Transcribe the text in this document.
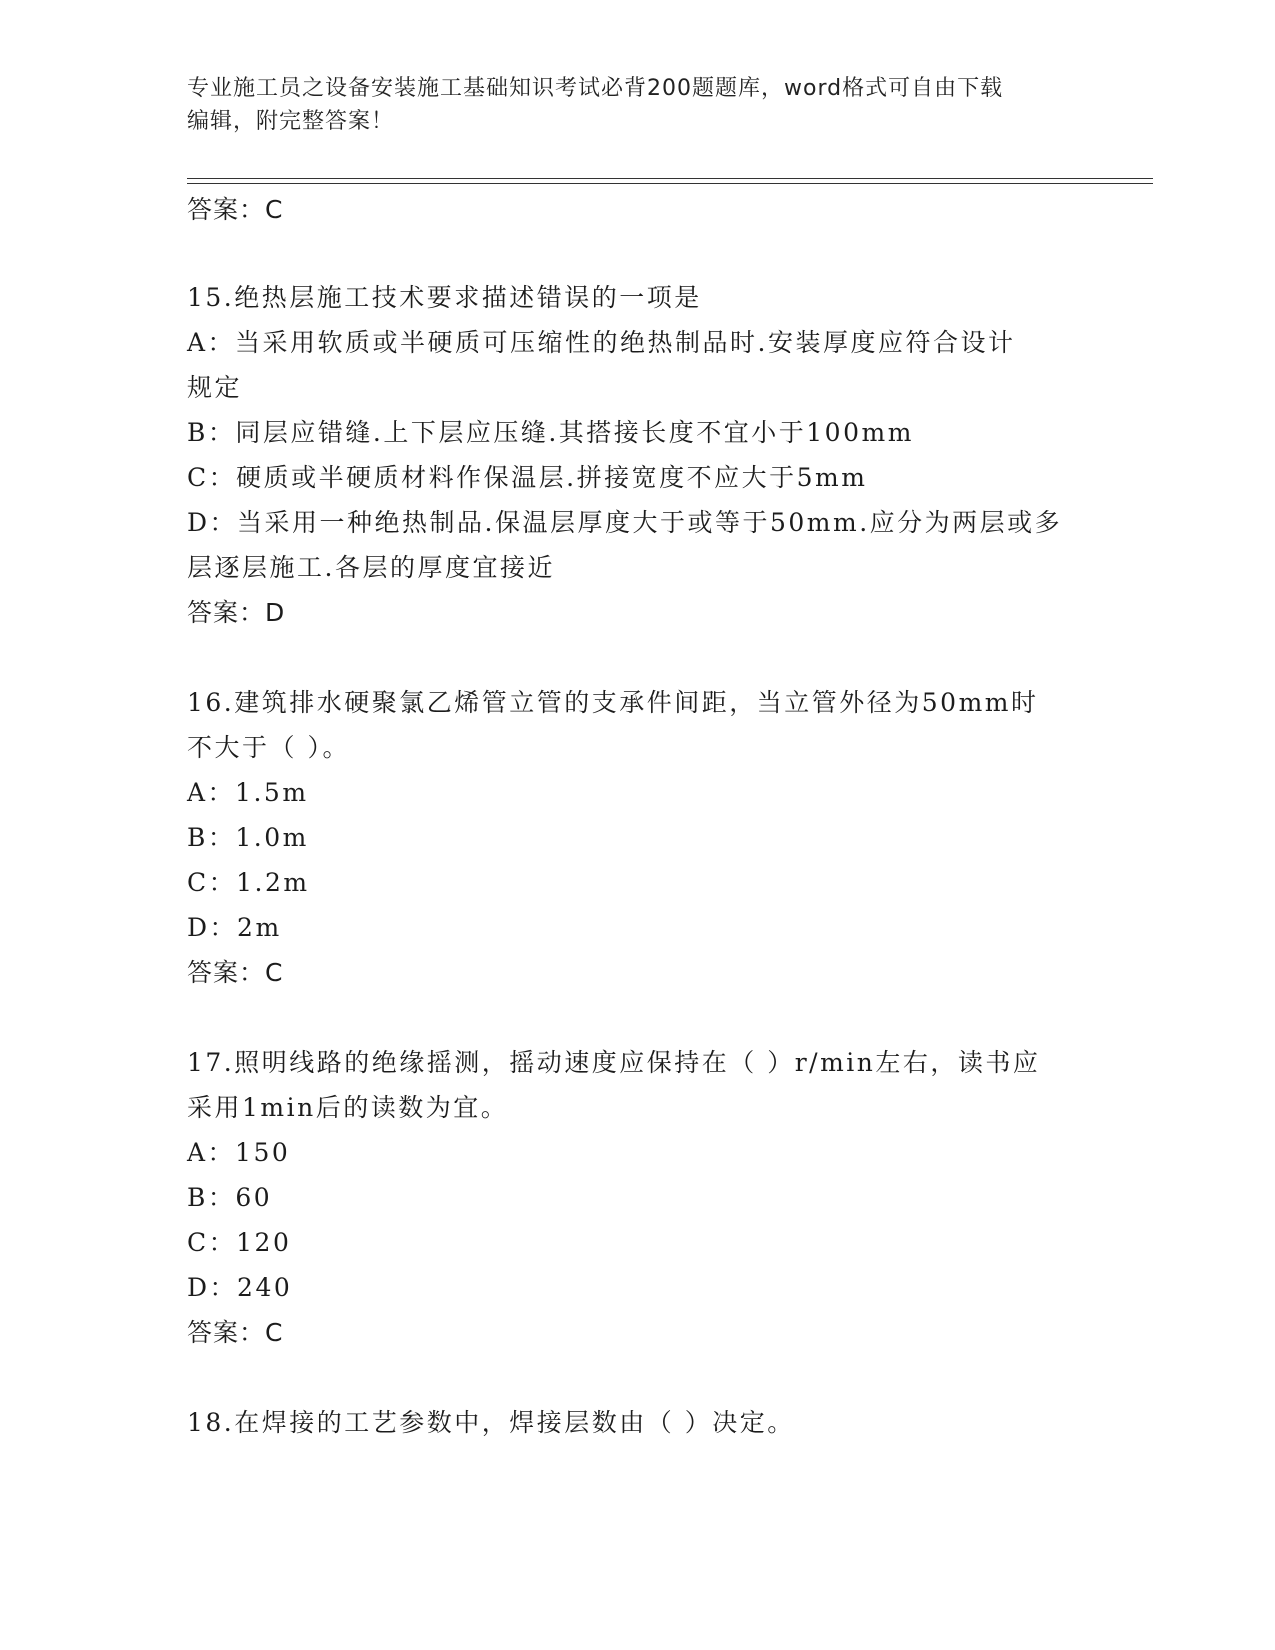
专业施工员之设备安装施工基础知识考试必背200题题库，word格式可自由下载
编辑，附完整答案！
答案：C
15.绝热层施工技术要求描述错误的一项是
A：当采用软质或半硬质可压缩性的绝热制品时.安装厚度应符合设计
规定
B：同层应错缝.上下层应压缝.其搭接长度不宜小于100mm
C：硬质或半硬质材料作保温层.拼接宽度不应大于5mm
D：当采用一种绝热制品.保温层厚度大于或等于50mm.应分为两层或多
层逐层施工.各层的厚度宜接近
答案：D
16.建筑排水硬聚氯乙烯管立管的支承件间距，当立管外径为50mm时
不大于（ ）。
A：1.5m
B：1.0m
C：1.2m
D：2m
答案：C
17.照明线路的绝缘摇测，摇动速度应保持在（ ）r/min左右，读书应
采用1min后的读数为宜。
A：150
B：60
C：120
D：240
答案：C
18.在焊接的工艺参数中，焊接层数由（ ）决定。
